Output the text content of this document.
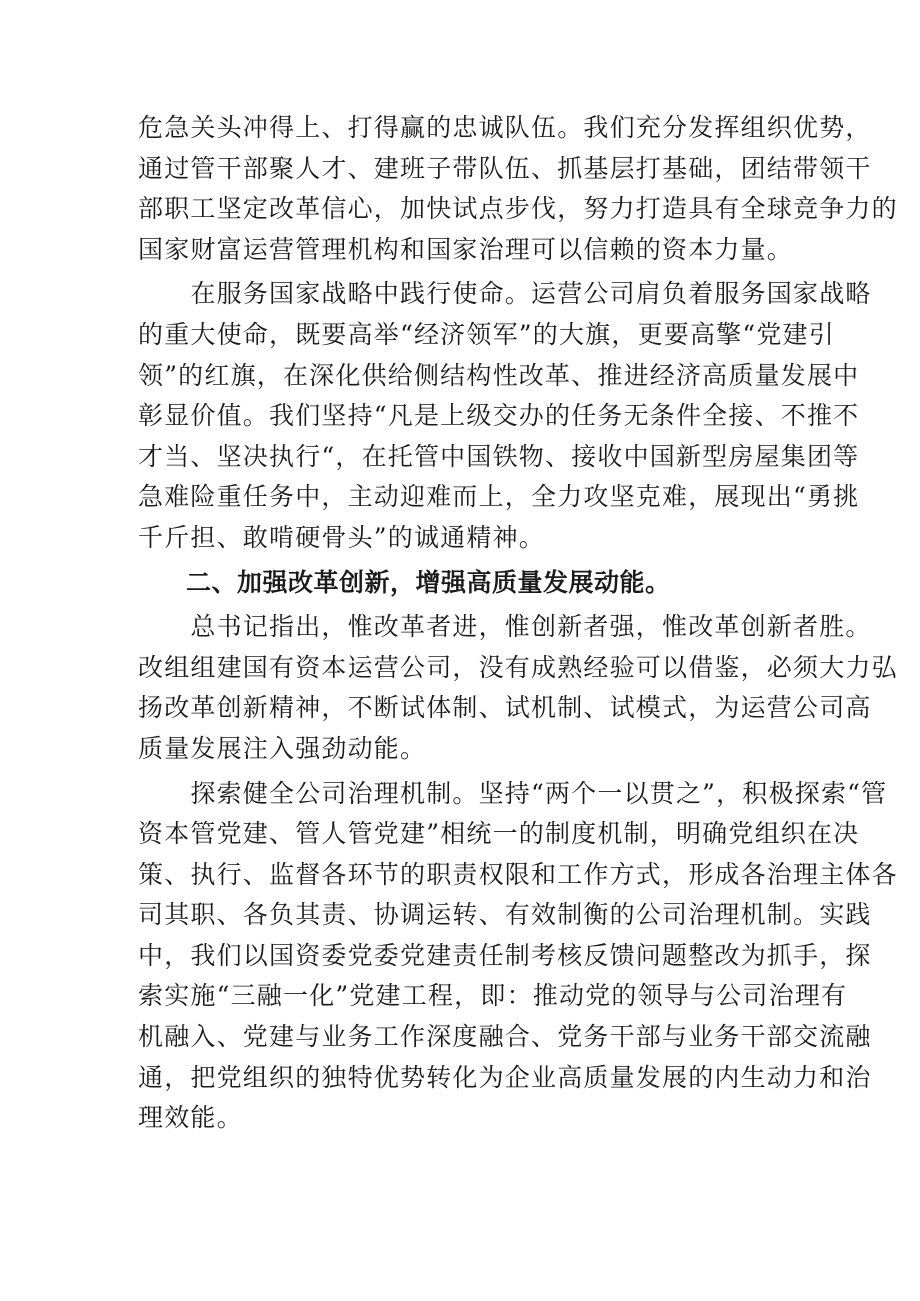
危急关头冲得上、打得赢的忠诚队伍。我们充分发挥组织优势，
通过管干部聚人才、建班子带队伍、抓基层打基础，团结带领干
部职工坚定改革信心，加快试点步伐，努力打造具有全球竞争力的
国家财富运营管理机构和国家治理可以信赖的资本力量。
　　在服务国家战略中践行使命。运营公司肩负着服务国家战略
的重大使命，既要高举“经济领军”的大旗，更要高擎“党建引
领”的红旗，在深化供给侧结构性改革、推进经济高质量发展中
彰显价值。我们坚持“凡是上级交办的任务无条件全接、不推不
才当、坚决执行“，在托管中国铁物、接收中国新型房屋集团等
急难险重任务中，主动迎难而上，全力攻坚克难，展现出“勇挑
千斤担、敢啃硬骨头”的诚通精神。
二、加强改革创新，增强高质量发展动能。
　　总书记指出，惟改革者进，惟创新者强，惟改革创新者胜。
改组组建国有资本运营公司，没有成熟经验可以借鉴，必须大力弘
扬改革创新精神，不断试体制、试机制、试模式，为运营公司高
质量发展注入强劲动能。
　　探索健全公司治理机制。坚持“两个一以贯之”，积极探索“管
资本管党建、管人管党建”相统一的制度机制，明确党组织在决
策、执行、监督各环节的职责权限和工作方式，形成各治理主体各
司其职、各负其责、协调运转、有效制衡的公司治理机制。实践
中，我们以国资委党委党建责任制考核反馈问题整改为抓手，探
索实施“三融一化”党建工程，即：推动党的领导与公司治理有
机融入、党建与业务工作深度融合、党务干部与业务干部交流融
通，把党组织的独特优势转化为企业高质量发展的内生动力和治
理效能。
